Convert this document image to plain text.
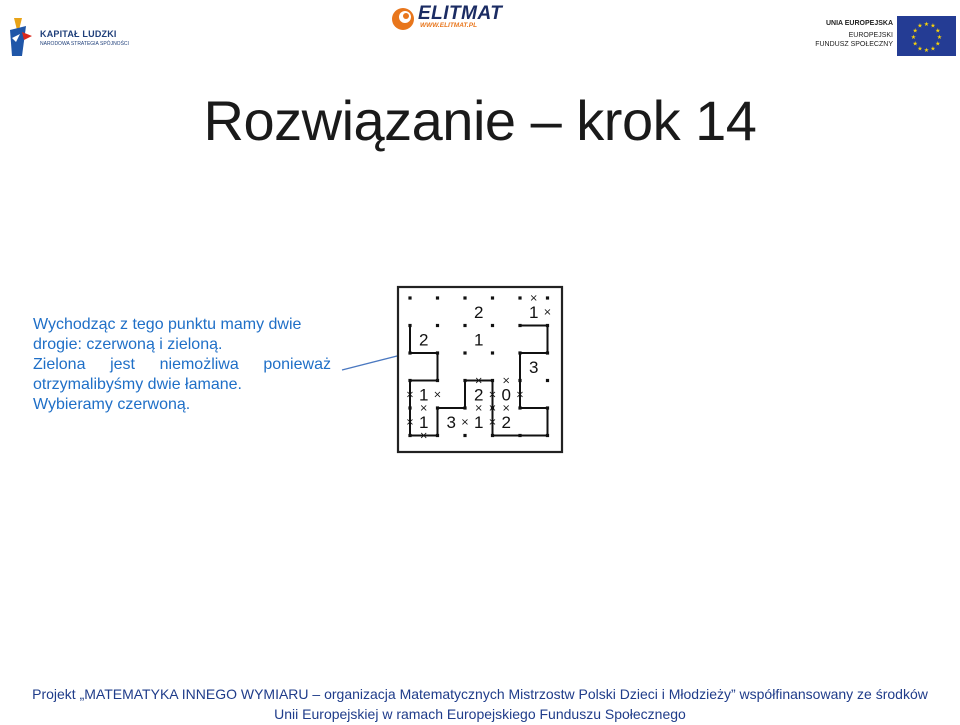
KAPITAŁ LUDZKI
NARODOWA STRATEGIA SPÓJNOŚCI
ELITMAT
WWW.ELITMAT.PL	UNIA EUROPEJSKA
EUROPEJSKI
FUNDUSZ SPOŁECZNY
★
★
★
★
★
★
★
★
★ ★ ★
★
Rozwiązanie – krok 14

Wychodząc z tego punktu mamy dwie

drogie: czerwoną i zieloną.

Zielona jest niemożliwa ponieważ

otrzymalibyśmy dwie łamane.

Wybieramy czerwoną.

×
×
× ×
×
×
×
×
×
×
×
×
×
×
×
×
2	1
2	1
3
1	2 0
1 3 1 2
Projekt „MATEMATYKA INNEGO WYMIARU – organizacja Matematycznych Mistrzostw Polski Dzieci i Młodzieży” współfinansowany ze środków
Unii Europejskiej w ramach Europejskiego Funduszu Społecznego
